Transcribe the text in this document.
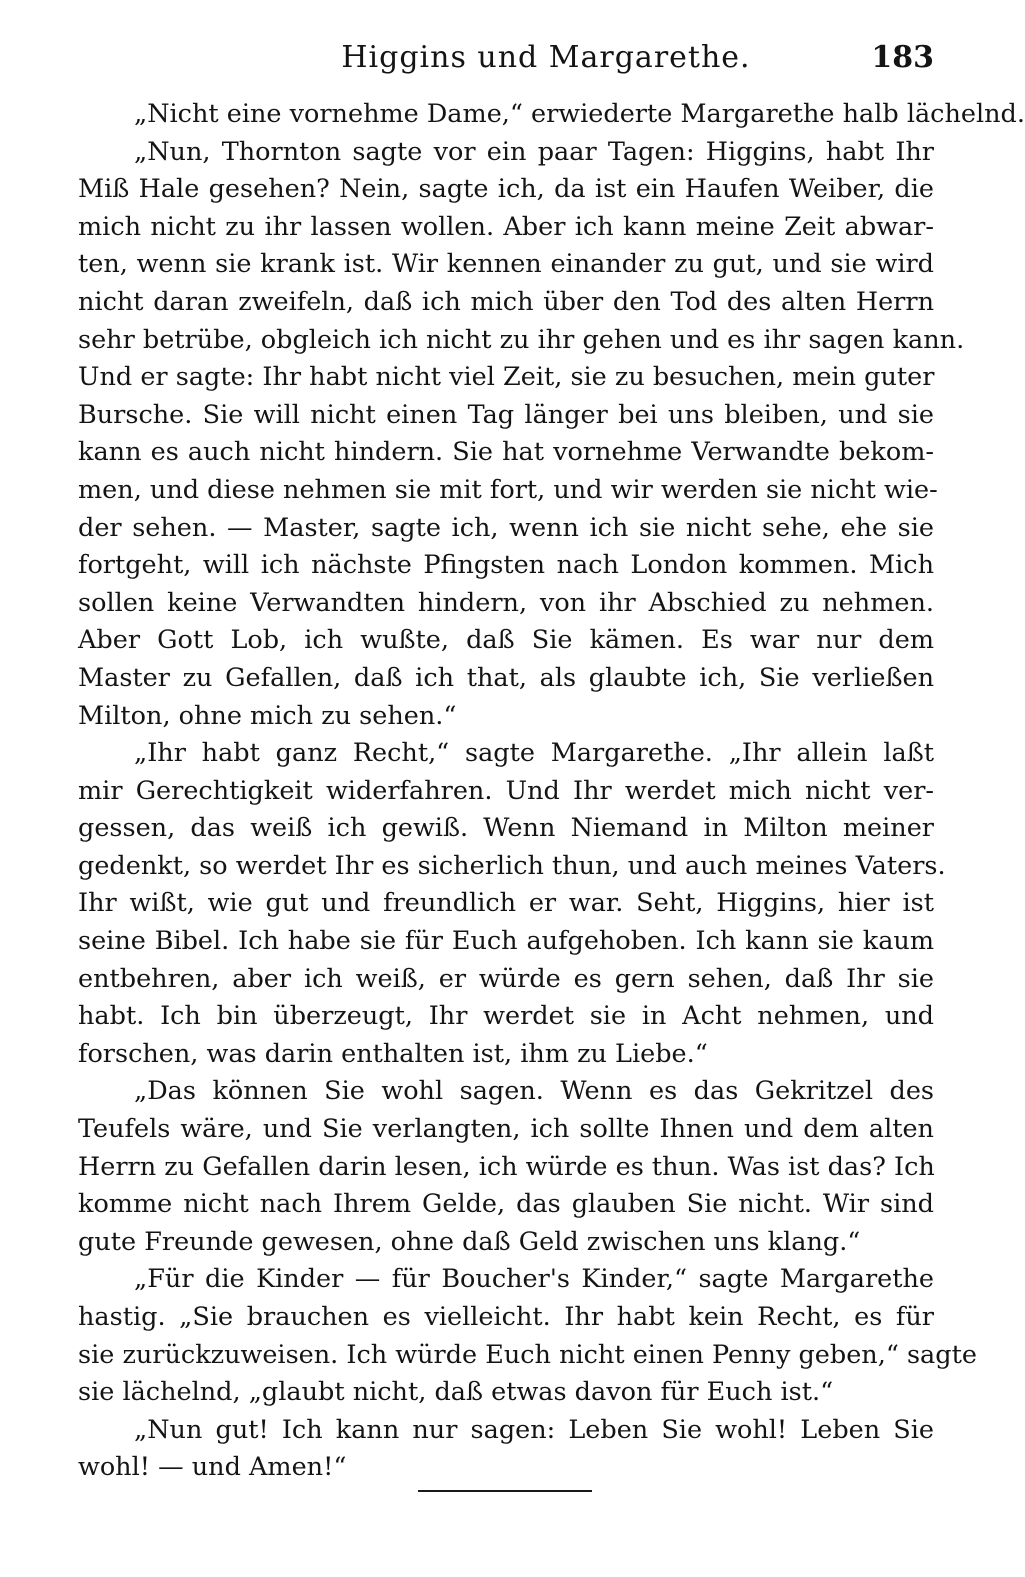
Higgins und Margarethe.	183
„Nicht eine vornehme Dame,“ erwiederte Margarethe halb lächelnd.
„Nun, Thornton sagte vor ein paar Tagen: Higgins, habt Ihr
Miß Hale gesehen? Nein, sagte ich, da ist ein Haufen Weiber, die
mich nicht zu ihr lassen wollen. Aber ich kann meine Zeit abwar-
ten, wenn sie krank ist. Wir kennen einander zu gut, und sie wird
nicht daran zweifeln, daß ich mich über den Tod des alten Herrn
sehr betrübe, obgleich ich nicht zu ihr gehen und es ihr sagen kann.
Und er sagte: Ihr habt nicht viel Zeit, sie zu besuchen, mein guter
Bursche. Sie will nicht einen Tag länger bei uns bleiben, und sie
kann es auch nicht hindern. Sie hat vornehme Verwandte bekom-
men, und diese nehmen sie mit fort, und wir werden sie nicht wie-
der sehen. — Master, sagte ich, wenn ich sie nicht sehe, ehe sie
fortgeht, will ich nächste Pfingsten nach London kommen. Mich
sollen keine Verwandten hindern, von ihr Abschied zu nehmen.
Aber Gott Lob, ich wußte, daß Sie kämen. Es war nur dem
Master zu Gefallen, daß ich that, als glaubte ich, Sie verließen
Milton, ohne mich zu sehen.“
„Ihr habt ganz Recht,“ sagte Margarethe. „Ihr allein laßt
mir Gerechtigkeit widerfahren. Und Ihr werdet mich nicht ver-
gessen, das weiß ich gewiß. Wenn Niemand in Milton meiner
gedenkt, so werdet Ihr es sicherlich thun, und auch meines Vaters.
Ihr wißt, wie gut und freundlich er war. Seht, Higgins, hier ist
seine Bibel. Ich habe sie für Euch aufgehoben. Ich kann sie kaum
entbehren, aber ich weiß, er würde es gern sehen, daß Ihr sie
habt. Ich bin überzeugt, Ihr werdet sie in Acht nehmen, und
forschen, was darin enthalten ist, ihm zu Liebe.“
„Das können Sie wohl sagen. Wenn es das Gekritzel des
Teufels wäre, und Sie verlangten, ich sollte Ihnen und dem alten
Herrn zu Gefallen darin lesen, ich würde es thun. Was ist das? Ich
komme nicht nach Ihrem Gelde, das glauben Sie nicht. Wir sind
gute Freunde gewesen, ohne daß Geld zwischen uns klang.“
„Für die Kinder — für Boucher's Kinder,“ sagte Margarethe
hastig. „Sie brauchen es vielleicht. Ihr habt kein Recht, es für
sie zurückzuweisen. Ich würde Euch nicht einen Penny geben,“ sagte
sie lächelnd, „glaubt nicht, daß etwas davon für Euch ist.“
„Nun gut! Ich kann nur sagen: Leben Sie wohl! Leben Sie
wohl! — und Amen!“
